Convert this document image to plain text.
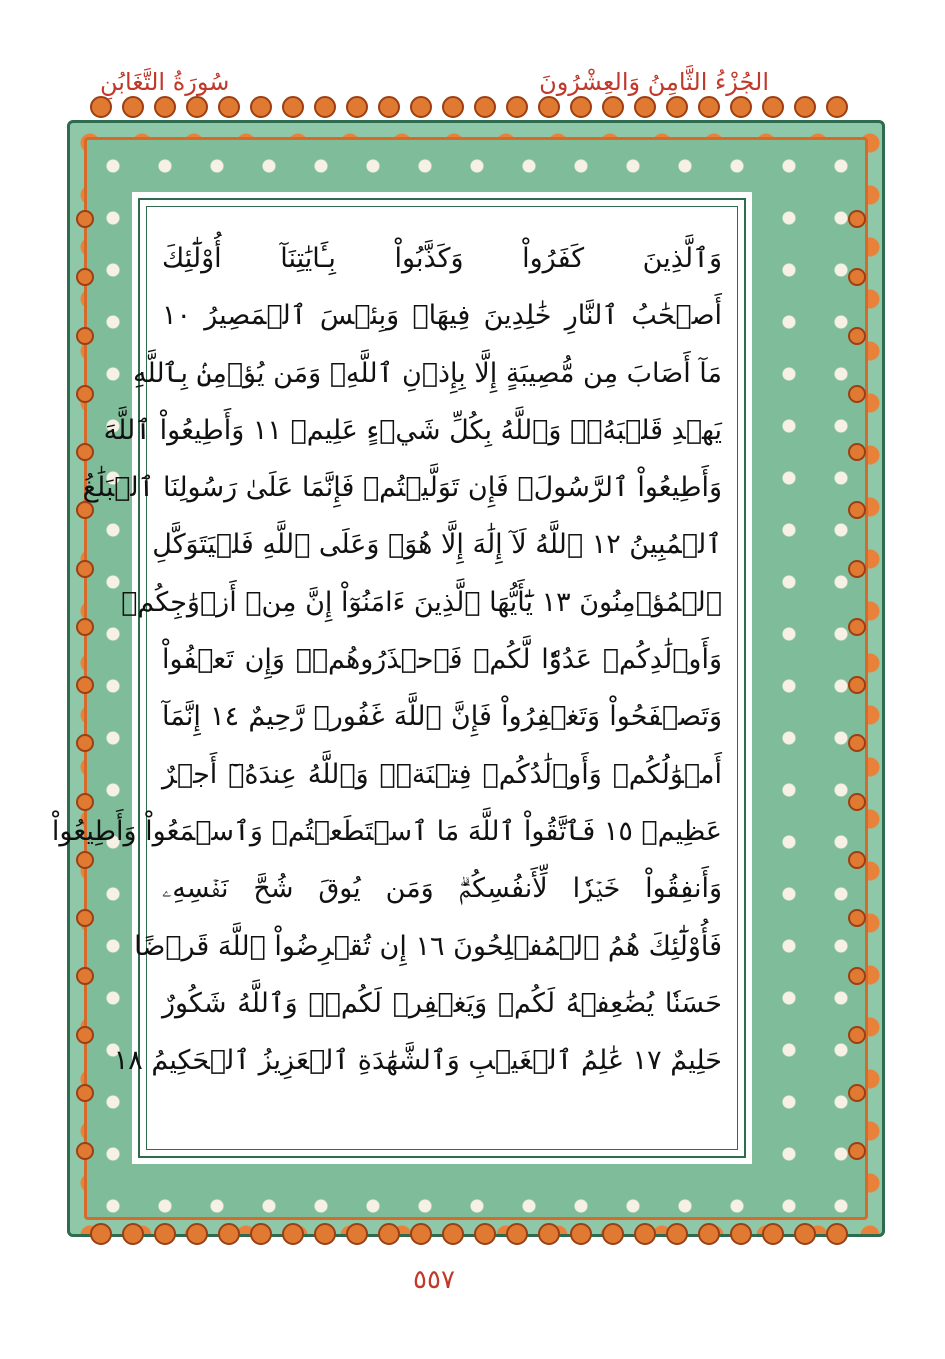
سُورَةُ التَّغَابُنِ	الجُزْءُ الثَّامِنُ وَالعِشْرُونَ
وَٱلَّذِينَ كَفَرُواْ وَكَذَّبُواْ بِـَٔايَٰتِنَآ أُوْلَٰٓئِكَ
أَصۡحَٰبُ ٱلنَّارِ خَٰلِدِينَ فِيهَاۖ وَبِئۡسَ ٱلۡمَصِيرُ ١٠
مَآ أَصَابَ مِن مُّصِيبَةٍ إِلَّا بِإِذۡنِ ٱللَّهِۗ وَمَن يُؤۡمِنۢ بِٱللَّهِ
يَهۡدِ قَلۡبَهُۥۚ وَٱللَّهُ بِكُلِّ شَيۡءٍ عَلِيمٞ ١١ وَأَطِيعُواْ ٱللَّهَ
وَأَطِيعُواْ ٱلرَّسُولَۚ فَإِن تَوَلَّيۡتُمۡ فَإِنَّمَا عَلَىٰ رَسُولِنَا ٱلۡبَلَٰغُ
ٱلۡمُبِينُ ١٢ ٱللَّهُ لَآ إِلَٰهَ إِلَّا هُوَۚ وَعَلَى ٱللَّهِ فَلۡيَتَوَكَّلِ
ٱلۡمُؤۡمِنُونَ ١٣ يَٰٓأَيُّهَا ٱلَّذِينَ ءَامَنُوٓاْ إِنَّ مِنۡ أَزۡوَٰجِكُمۡ
وَأَوۡلَٰدِكُمۡ عَدُوّٗا لَّكُمۡ فَٱحۡذَرُوهُمۡۚ وَإِن تَعۡفُواْ
وَتَصۡفَحُواْ وَتَغۡفِرُواْ فَإِنَّ ٱللَّهَ غَفُورٞ رَّحِيمٌ ١٤ إِنَّمَآ
أَمۡوَٰلُكُمۡ وَأَوۡلَٰدُكُمۡ فِتۡنَةٞۚ وَٱللَّهُ عِندَهُۥٓ أَجۡرٌ
عَظِيمٞ ١٥ فَٱتَّقُواْ ٱللَّهَ مَا ٱسۡتَطَعۡتُمۡ وَٱسۡمَعُواْ وَأَطِيعُواْ
وَأَنفِقُواْ خَيۡرٗا لِّأَنفُسِكُمۡۗ وَمَن يُوقَ شُحَّ نَفۡسِهِۦ
فَأُوْلَٰٓئِكَ هُمُ ٱلۡمُفۡلِحُونَ ١٦ إِن تُقۡرِضُواْ ٱللَّهَ قَرۡضًا
حَسَنٗا يُضَٰعِفۡهُ لَكُمۡ وَيَغۡفِرۡ لَكُمۡۚ وَٱللَّهُ شَكُورٌ
حَلِيمٌ ١٧ عَٰلِمُ ٱلۡغَيۡبِ وَٱلشَّهَٰدَةِ ٱلۡعَزِيزُ ٱلۡحَكِيمُ ١٨
٥٥٧
